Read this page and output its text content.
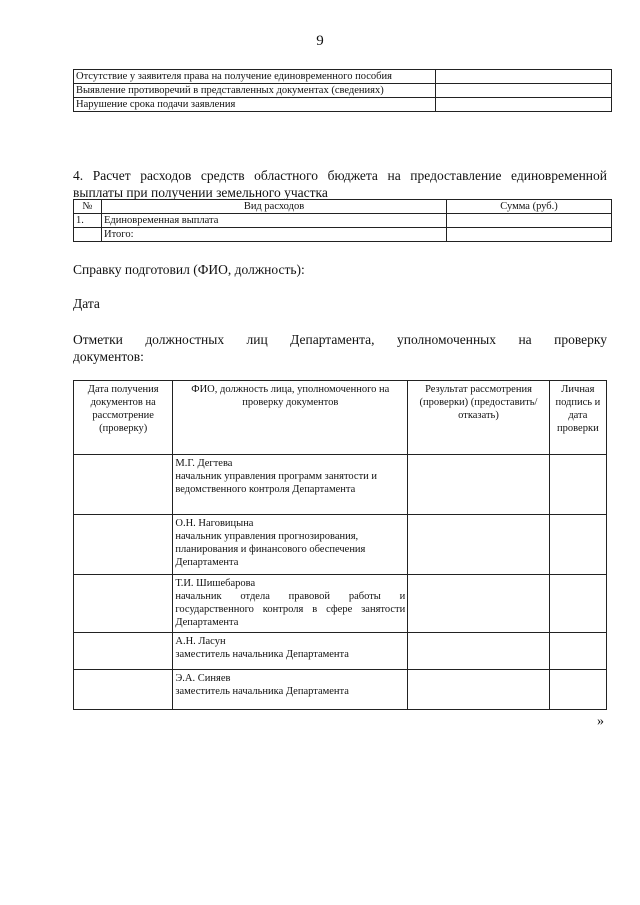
9
Отсутствие у заявителя права на получение единовременного пособия	
Выявление противоречий в представленных документах (сведениях)	
Нарушение срока подачи заявления	
4. Расчет расходов средств областного бюджета на предоставление единовременной
выплаты при получении земельного участка
№	Вид расходов	Сумма (руб.)
1.	Единовременная выплата	
	Итого:	
Справку подготовил (ФИО, должность):
Дата
Отметки должностных лиц Департамента, уполномоченных на проверку
документов:
Дата получения документов на рассмотрение (проверку)	ФИО, должность лица, уполномоченного на проверку документов	Результат рассмотрения (проверки) (предоставить/отказать)	Личная подпись и дата проверки

	М.Г. Дегтева
начальник управления программ занятости и ведомственного контроля Департамента		

	О.Н. Наговицына
начальник управления прогнозирования, планирования и финансового обеспечения Департамента		

	Т.И. Шишебарова
начальник отдела правовой работы и государственного контроля в сфере занятости Департамента		

	А.Н. Ласун
заместитель начальника Департамента		

	Э.А. Синяев
заместитель начальника Департамента		
»
